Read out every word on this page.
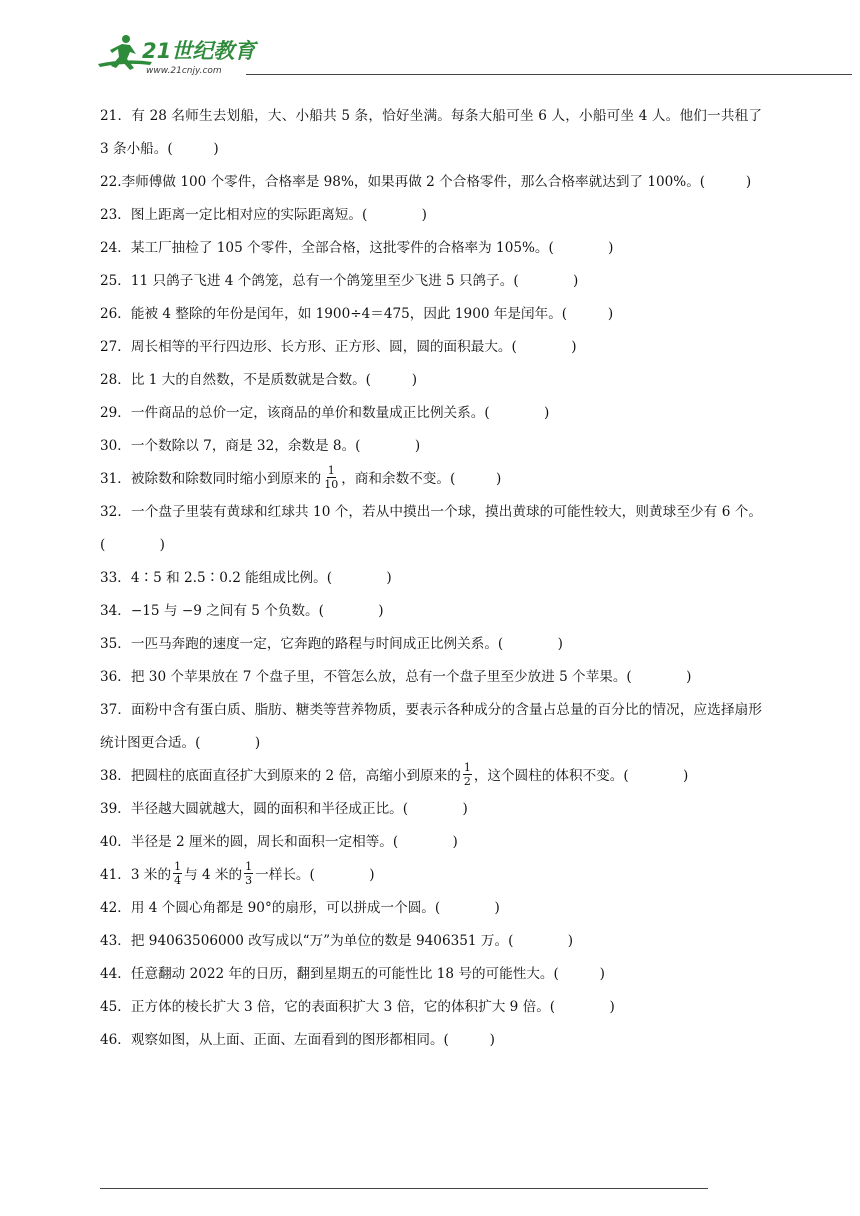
21世纪教育
www.21cnjy.com
21．有 28 名师生去划船，大、小船共 5 条，恰好坐满。每条大船可坐 6 人，小船可坐 4 人。他们一共租了 3 条小船。(　　　)
22.李师傅做 100 个零件，合格率是 98%，如果再做 2 个合格零件，那么合格率就达到了 100%。(　　　)
23．图上距离一定比相对应的实际距离短。(　　　　)
24．某工厂抽检了 105 个零件，全部合格，这批零件的合格率为 105%。(　　　　)
25．11 只鸽子飞进 4 个鸽笼，总有一个鸽笼里至少飞进 5 只鸽子。(　　　　)
26．能被 4 整除的年份是闰年，如 1900÷4＝475，因此 1900 年是闰年。(　　　)
27．周长相等的平行四边形、长方形、正方形、圆，圆的面积最大。(　　　　)
28．比 1 大的自然数，不是质数就是合数。(　　　)
29．一件商品的总价一定，该商品的单价和数量成正比例关系。(　　　　)
30．一个数除以 7，商是 32，余数是 8。(　　　　)
31．被除数和除数同时缩小到原来的 $\frac{1}{10}$ ，商和余数不变。(　　　)
32．一个盘子里装有黄球和红球共 10 个，若从中摸出一个球，摸出黄球的可能性较大，则黄球至少有 6 个。(　　　　)
33．4∶5 和 2.5∶0.2 能组成比例。(　　　　)
34．−15 与 −9 之间有 5 个负数。(　　　　)
35．一匹马奔跑的速度一定，它奔跑的路程与时间成正比例关系。(　　　　)
36．把 30 个苹果放在 7 个盘子里，不管怎么放，总有一个盘子里至少放进 5 个苹果。(　　　　)
37．面粉中含有蛋白质、脂肪、糖类等营养物质，要表示各种成分的含量占总量的百分比的情况，应选择扇形统计图更合适。(　　　　)
38．把圆柱的底面直径扩大到原来的 2 倍，高缩小到原来的 $\frac{1}{2}$ ，这个圆柱的体积不变。(　　　　)
39．半径越大圆就越大，圆的面积和半径成正比。(　　　　)
40．半径是 2 厘米的圆，周长和面积一定相等。(　　　　)
41．3 米的 $\frac{1}{4}$ 与 4 米的 $\frac{1}{3}$ 一样长。(　　　　)
42．用 4 个圆心角都是 90°的扇形，可以拼成一个圆。(　　　　)
43．把 94063506000 改写成以“万”为单位的数是 9406351 万。(　　　　)
44．任意翻动 2022 年的日历，翻到星期五的可能性比 18 号的可能性大。(　　　)
45．正方体的棱长扩大 3 倍，它的表面积扩大 3 倍，它的体积扩大 9 倍。(　　　　)
46．观察如图，从上面、正面、左面看到的图形都相同。(　　　)
